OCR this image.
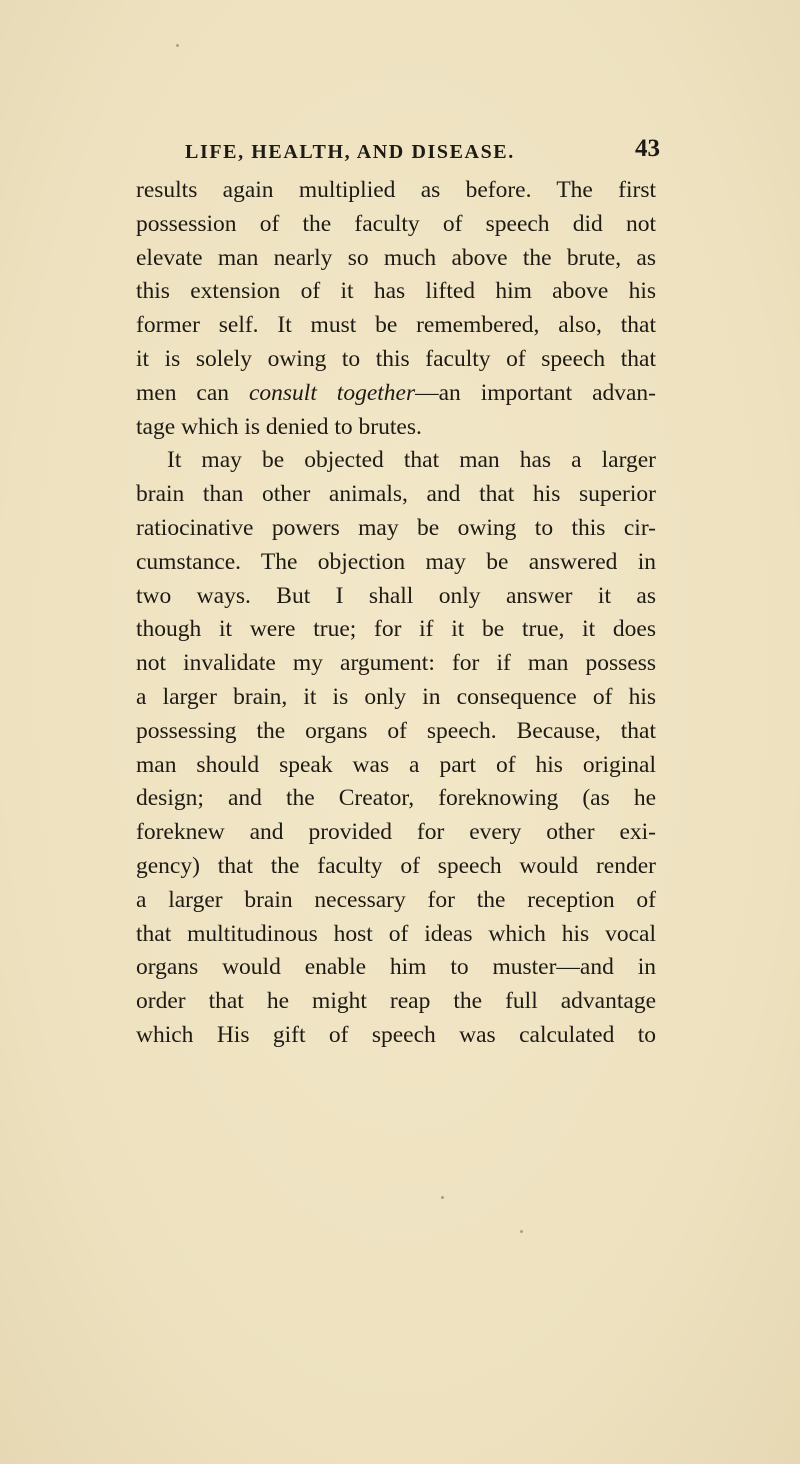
LIFE, HEALTH, AND DISEASE.	43
results again multiplied as before. The first
possession of the faculty of speech did not
elevate man nearly so much above the brute, as
this extension of it has lifted him above his
former self. It must be remembered, also, that
it is solely owing to this faculty of speech that
men can consult together—an important advan-
tage which is denied to brutes.
It may be objected that man has a larger
brain than other animals, and that his superior
ratiocinative powers may be owing to this cir-
cumstance. The objection may be answered in
two ways. But I shall only answer it as
though it were true; for if it be true, it does
not invalidate my argument: for if man possess
a larger brain, it is only in consequence of his
possessing the organs of speech. Because, that
man should speak was a part of his original
design; and the Creator, foreknowing (as he
foreknew and provided for every other exi-
gency) that the faculty of speech would render
a larger brain necessary for the reception of
that multitudinous host of ideas which his vocal
organs would enable him to muster—and in
order that he might reap the full advantage
which His gift of speech was calculated to
